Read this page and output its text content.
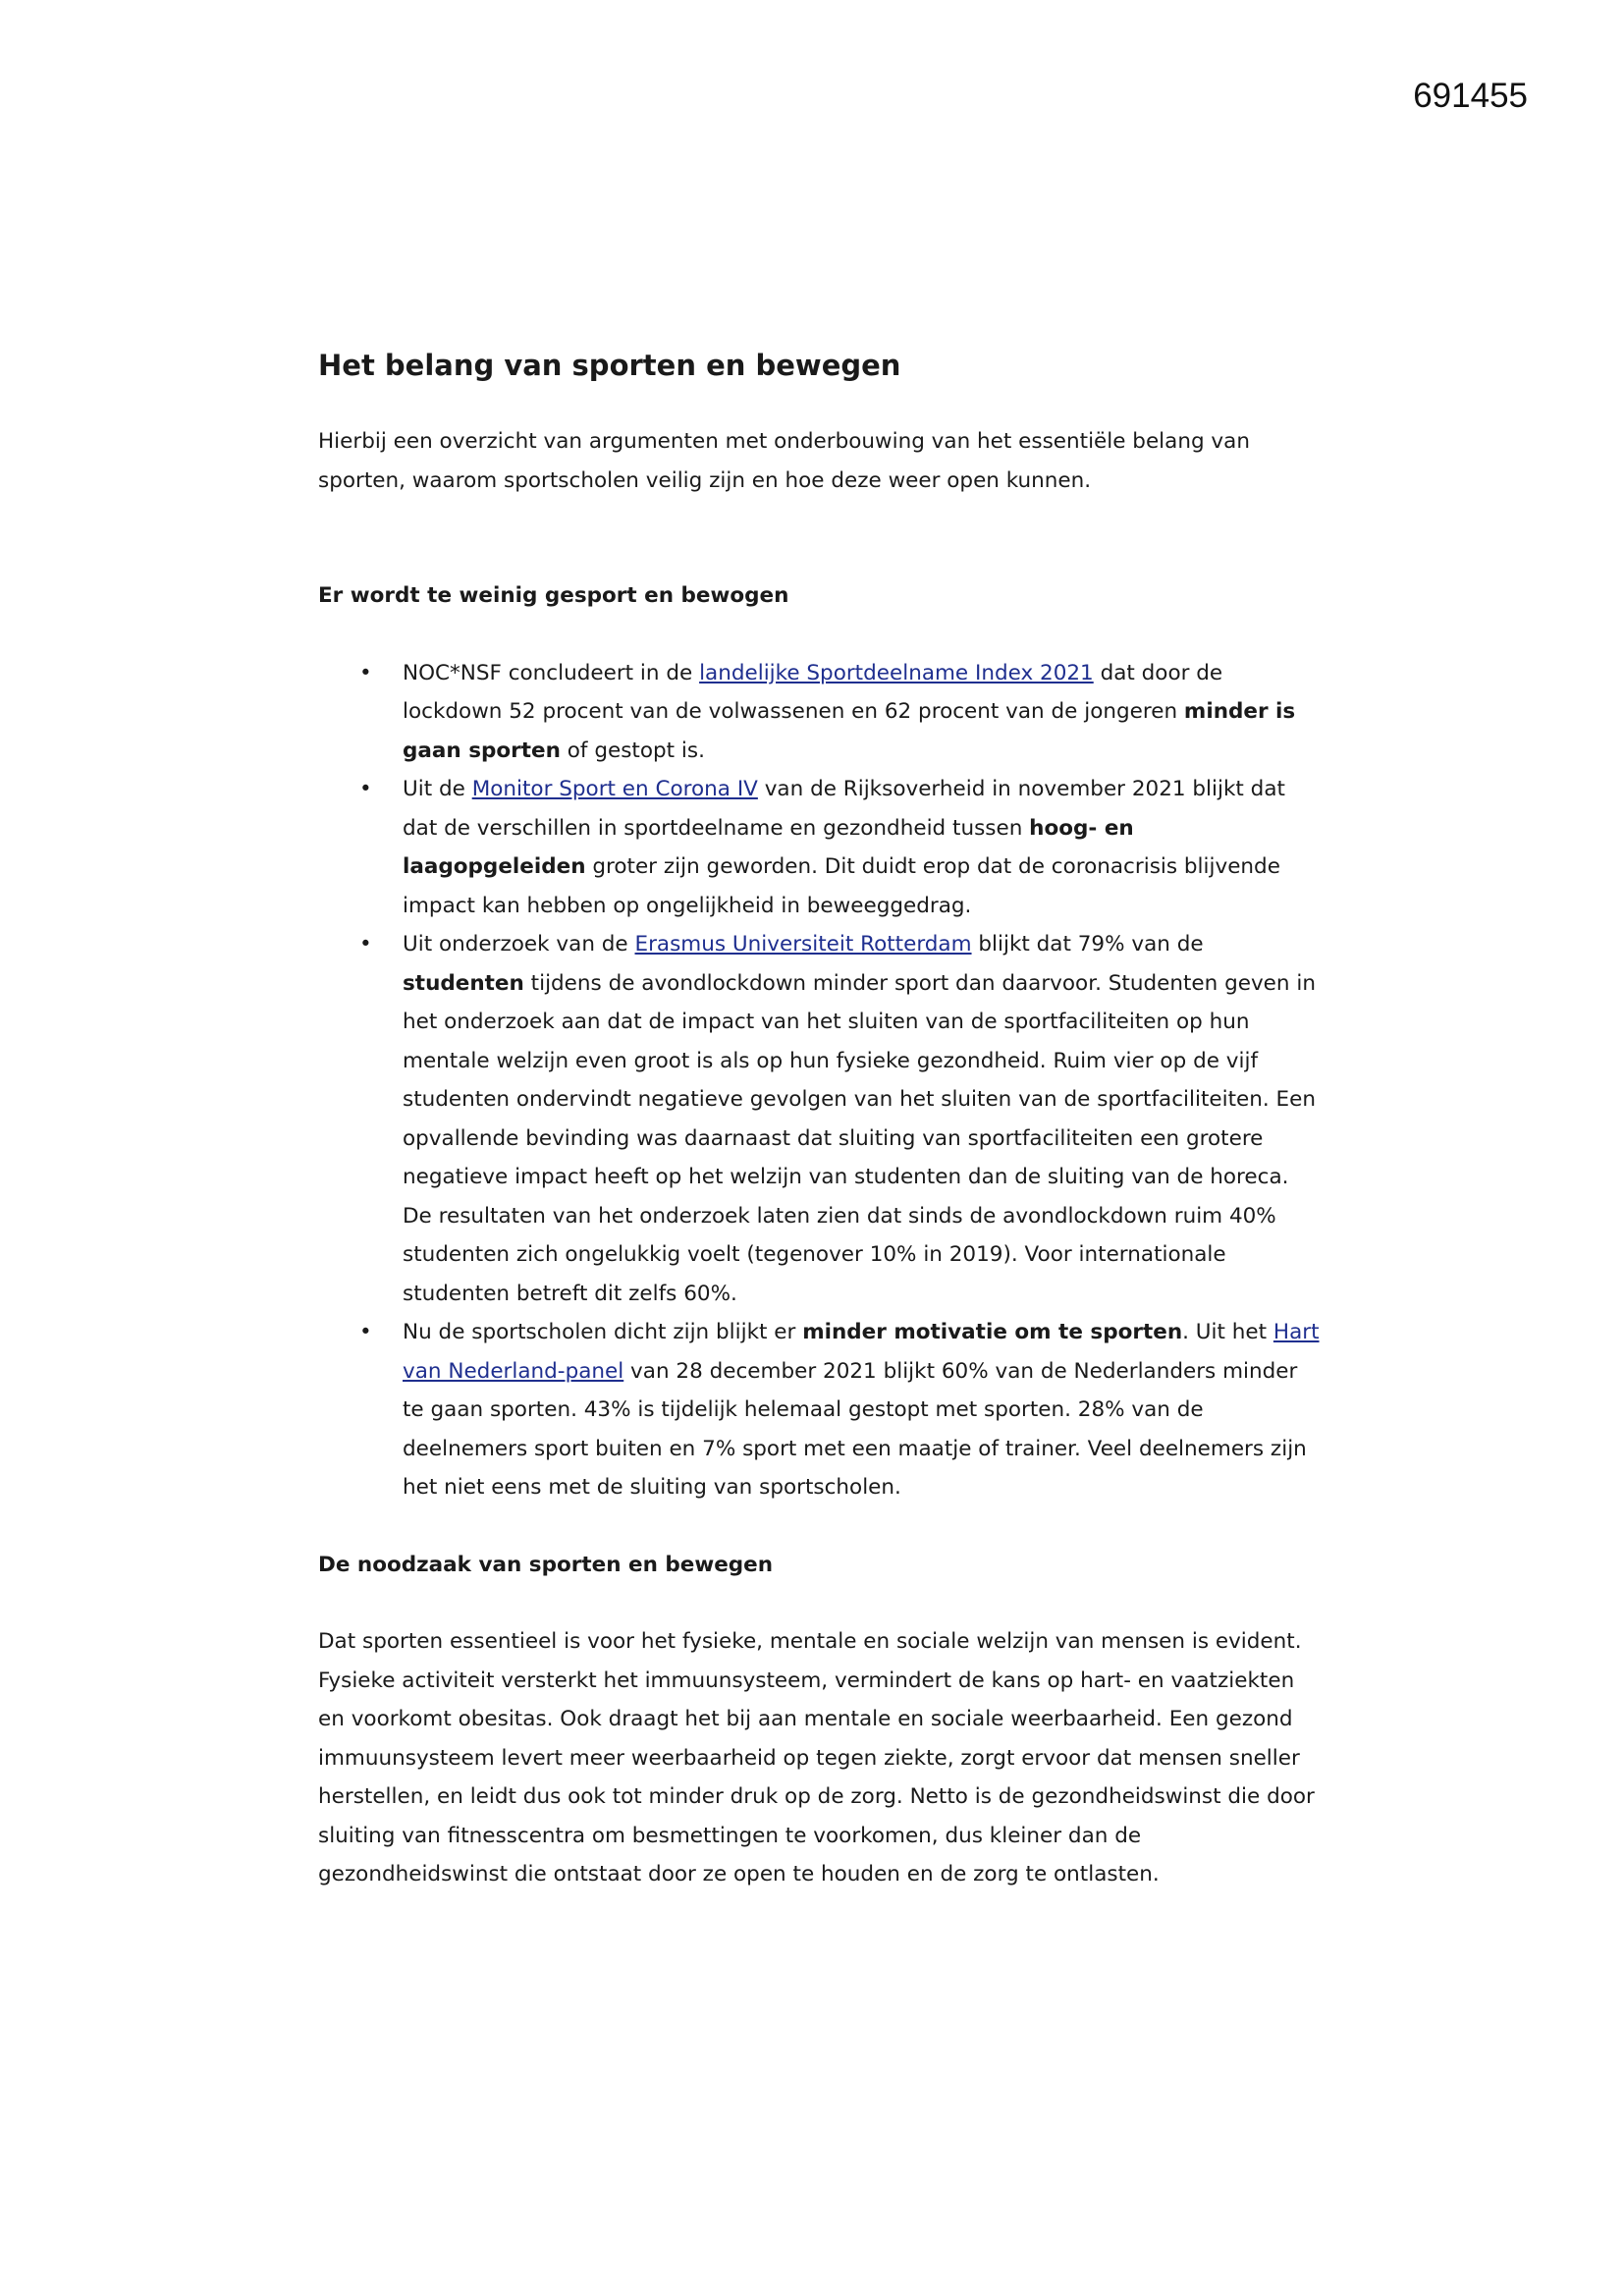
691455
Het belang van sporten en bewegen

Hierbij een overzicht van argumenten met onderbouwing van het essentiële belang van sporten, waarom sportscholen veilig zijn en hoe deze weer open kunnen.

Er wordt te weinig gesport en bewogen
• NOC*NSF concludeert in de landelijke Sportdeelname Index 2021 dat door de lockdown 52 procent van de volwassenen en 62 procent van de jongeren minder is gaan sporten of gestopt is.
• Uit de Monitor Sport en Corona IV van de Rijksoverheid in november 2021 blijkt dat dat de verschillen in sportdeelname en gezondheid tussen hoog- en laagopgeleiden groter zijn geworden. Dit duidt erop dat de coronacrisis blijvende impact kan hebben op ongelijkheid in beweeggedrag.
• Uit onderzoek van de Erasmus Universiteit Rotterdam blijkt dat 79% van de studenten tijdens de avondlockdown minder sport dan daarvoor. Studenten geven in het onderzoek aan dat de impact van het sluiten van de sportfaciliteiten op hun mentale welzijn even groot is als op hun fysieke gezondheid. Ruim vier op de vijf studenten ondervindt negatieve gevolgen van het sluiten van de sportfaciliteiten. Een opvallende bevinding was daarnaast dat sluiting van sportfaciliteiten een grotere negatieve impact heeft op het welzijn van studenten dan de sluiting van de horeca. De resultaten van het onderzoek laten zien dat sinds de avondlockdown ruim 40% studenten zich ongelukkig voelt (tegenover 10% in 2019). Voor internationale studenten betreft dit zelfs 60%.
• Nu de sportscholen dicht zijn blijkt er minder motivatie om te sporten. Uit het Hart van Nederland-panel van 28 december 2021 blijkt 60% van de Nederlanders minder te gaan sporten. 43% is tijdelijk helemaal gestopt met sporten. 28% van de deelnemers sport buiten en 7% sport met een maatje of trainer. Veel deelnemers zijn het niet eens met de sluiting van sportscholen.
De noodzaak van sporten en bewegen

Dat sporten essentieel is voor het fysieke, mentale en sociale welzijn van mensen is evident. Fysieke activiteit versterkt het immuunsysteem, vermindert de kans op hart- en vaatziekten en voorkomt obesitas. Ook draagt het bij aan mentale en sociale weerbaarheid. Een gezond immuunsysteem levert meer weerbaarheid op tegen ziekte, zorgt ervoor dat mensen sneller herstellen, en leidt dus ook tot minder druk op de zorg. Netto is de gezondheidswinst die door sluiting van fitnesscentra om besmettingen te voorkomen, dus kleiner dan de gezondheidswinst die ontstaat door ze open te houden en de zorg te ontlasten.
